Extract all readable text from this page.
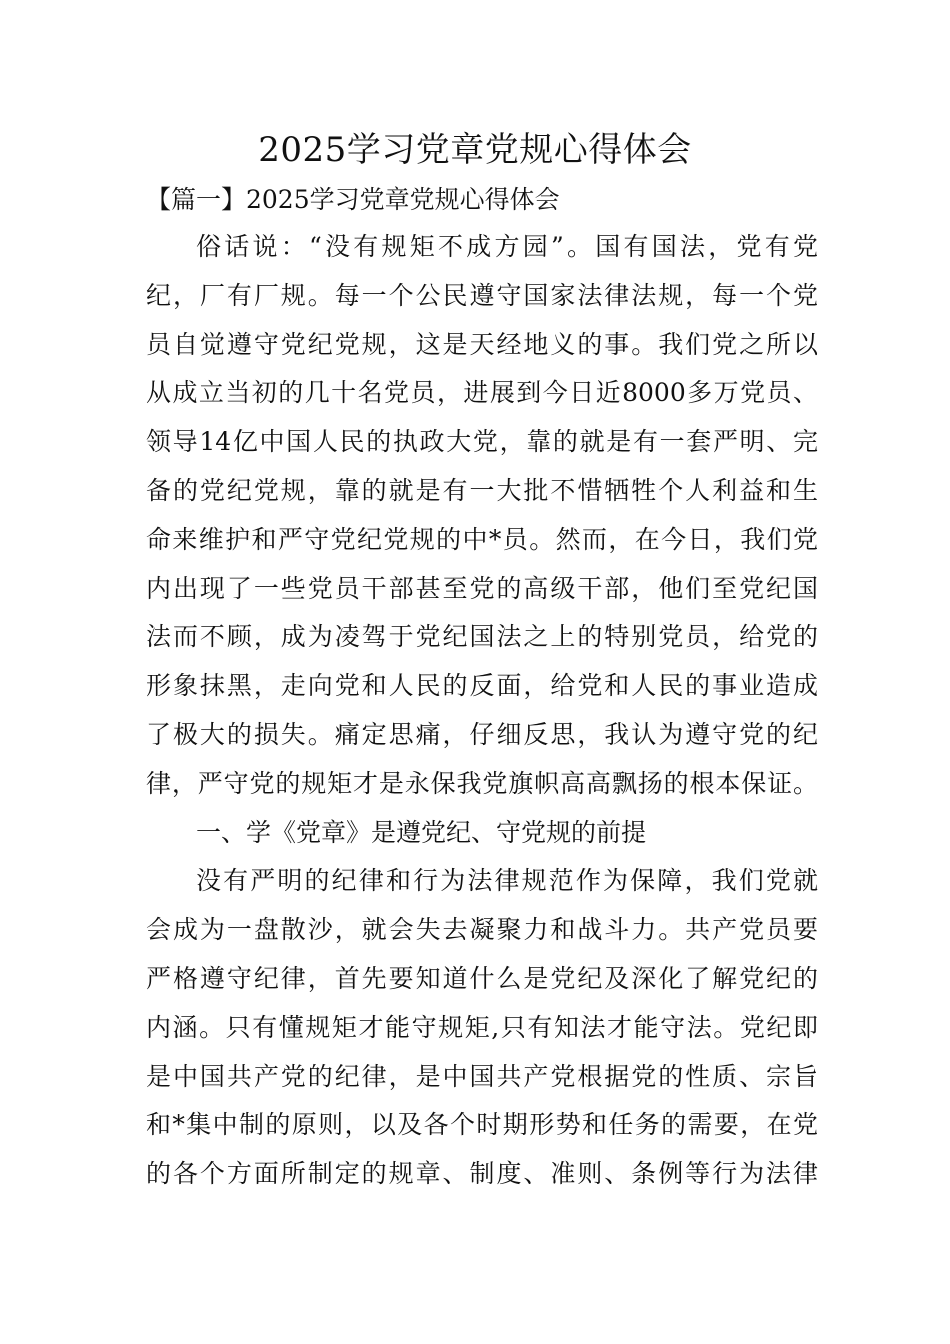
2025学习党章党规心得体会
【篇一】2025学习党章党规心得体会
俗话说：“没有规矩不成方园”。国有国法，党有党
纪，厂有厂规。每一个公民遵守国家法律法规，每一个党
员自觉遵守党纪党规，这是天经地义的事。我们党之所以
从成立当初的几十名党员，进展到今日近8000多万党员、
领导14亿中国人民的执政大党，靠的就是有一套严明、完
备的党纪党规，靠的就是有一大批不惜牺牲个人利益和生
命来维护和严守党纪党规的中*员。然而，在今日，我们党
内出现了一些党员干部甚至党的高级干部，他们至党纪国
法而不顾，成为凌驾于党纪国法之上的特别党员，给党的
形象抹黑，走向党和人民的反面，给党和人民的事业造成
了极大的损失。痛定思痛，仔细反思，我认为遵守党的纪
律，严守党的规矩才是永保我党旗帜高高飘扬的根本保证。
一、学《党章》是遵党纪、守党规的前提
没有严明的纪律和行为法律规范作为保障，我们党就
会成为一盘散沙，就会失去凝聚力和战斗力。共产党员要
严格遵守纪律，首先要知道什么是党纪及深化了解党纪的
内涵。只有懂规矩才能守规矩,只有知法才能守法。党纪即
是中国共产党的纪律，是中国共产党根据党的性质、宗旨
和*集中制的原则，以及各个时期形势和任务的需要，在党
的各个方面所制定的规章、制度、准则、条例等行为法律
